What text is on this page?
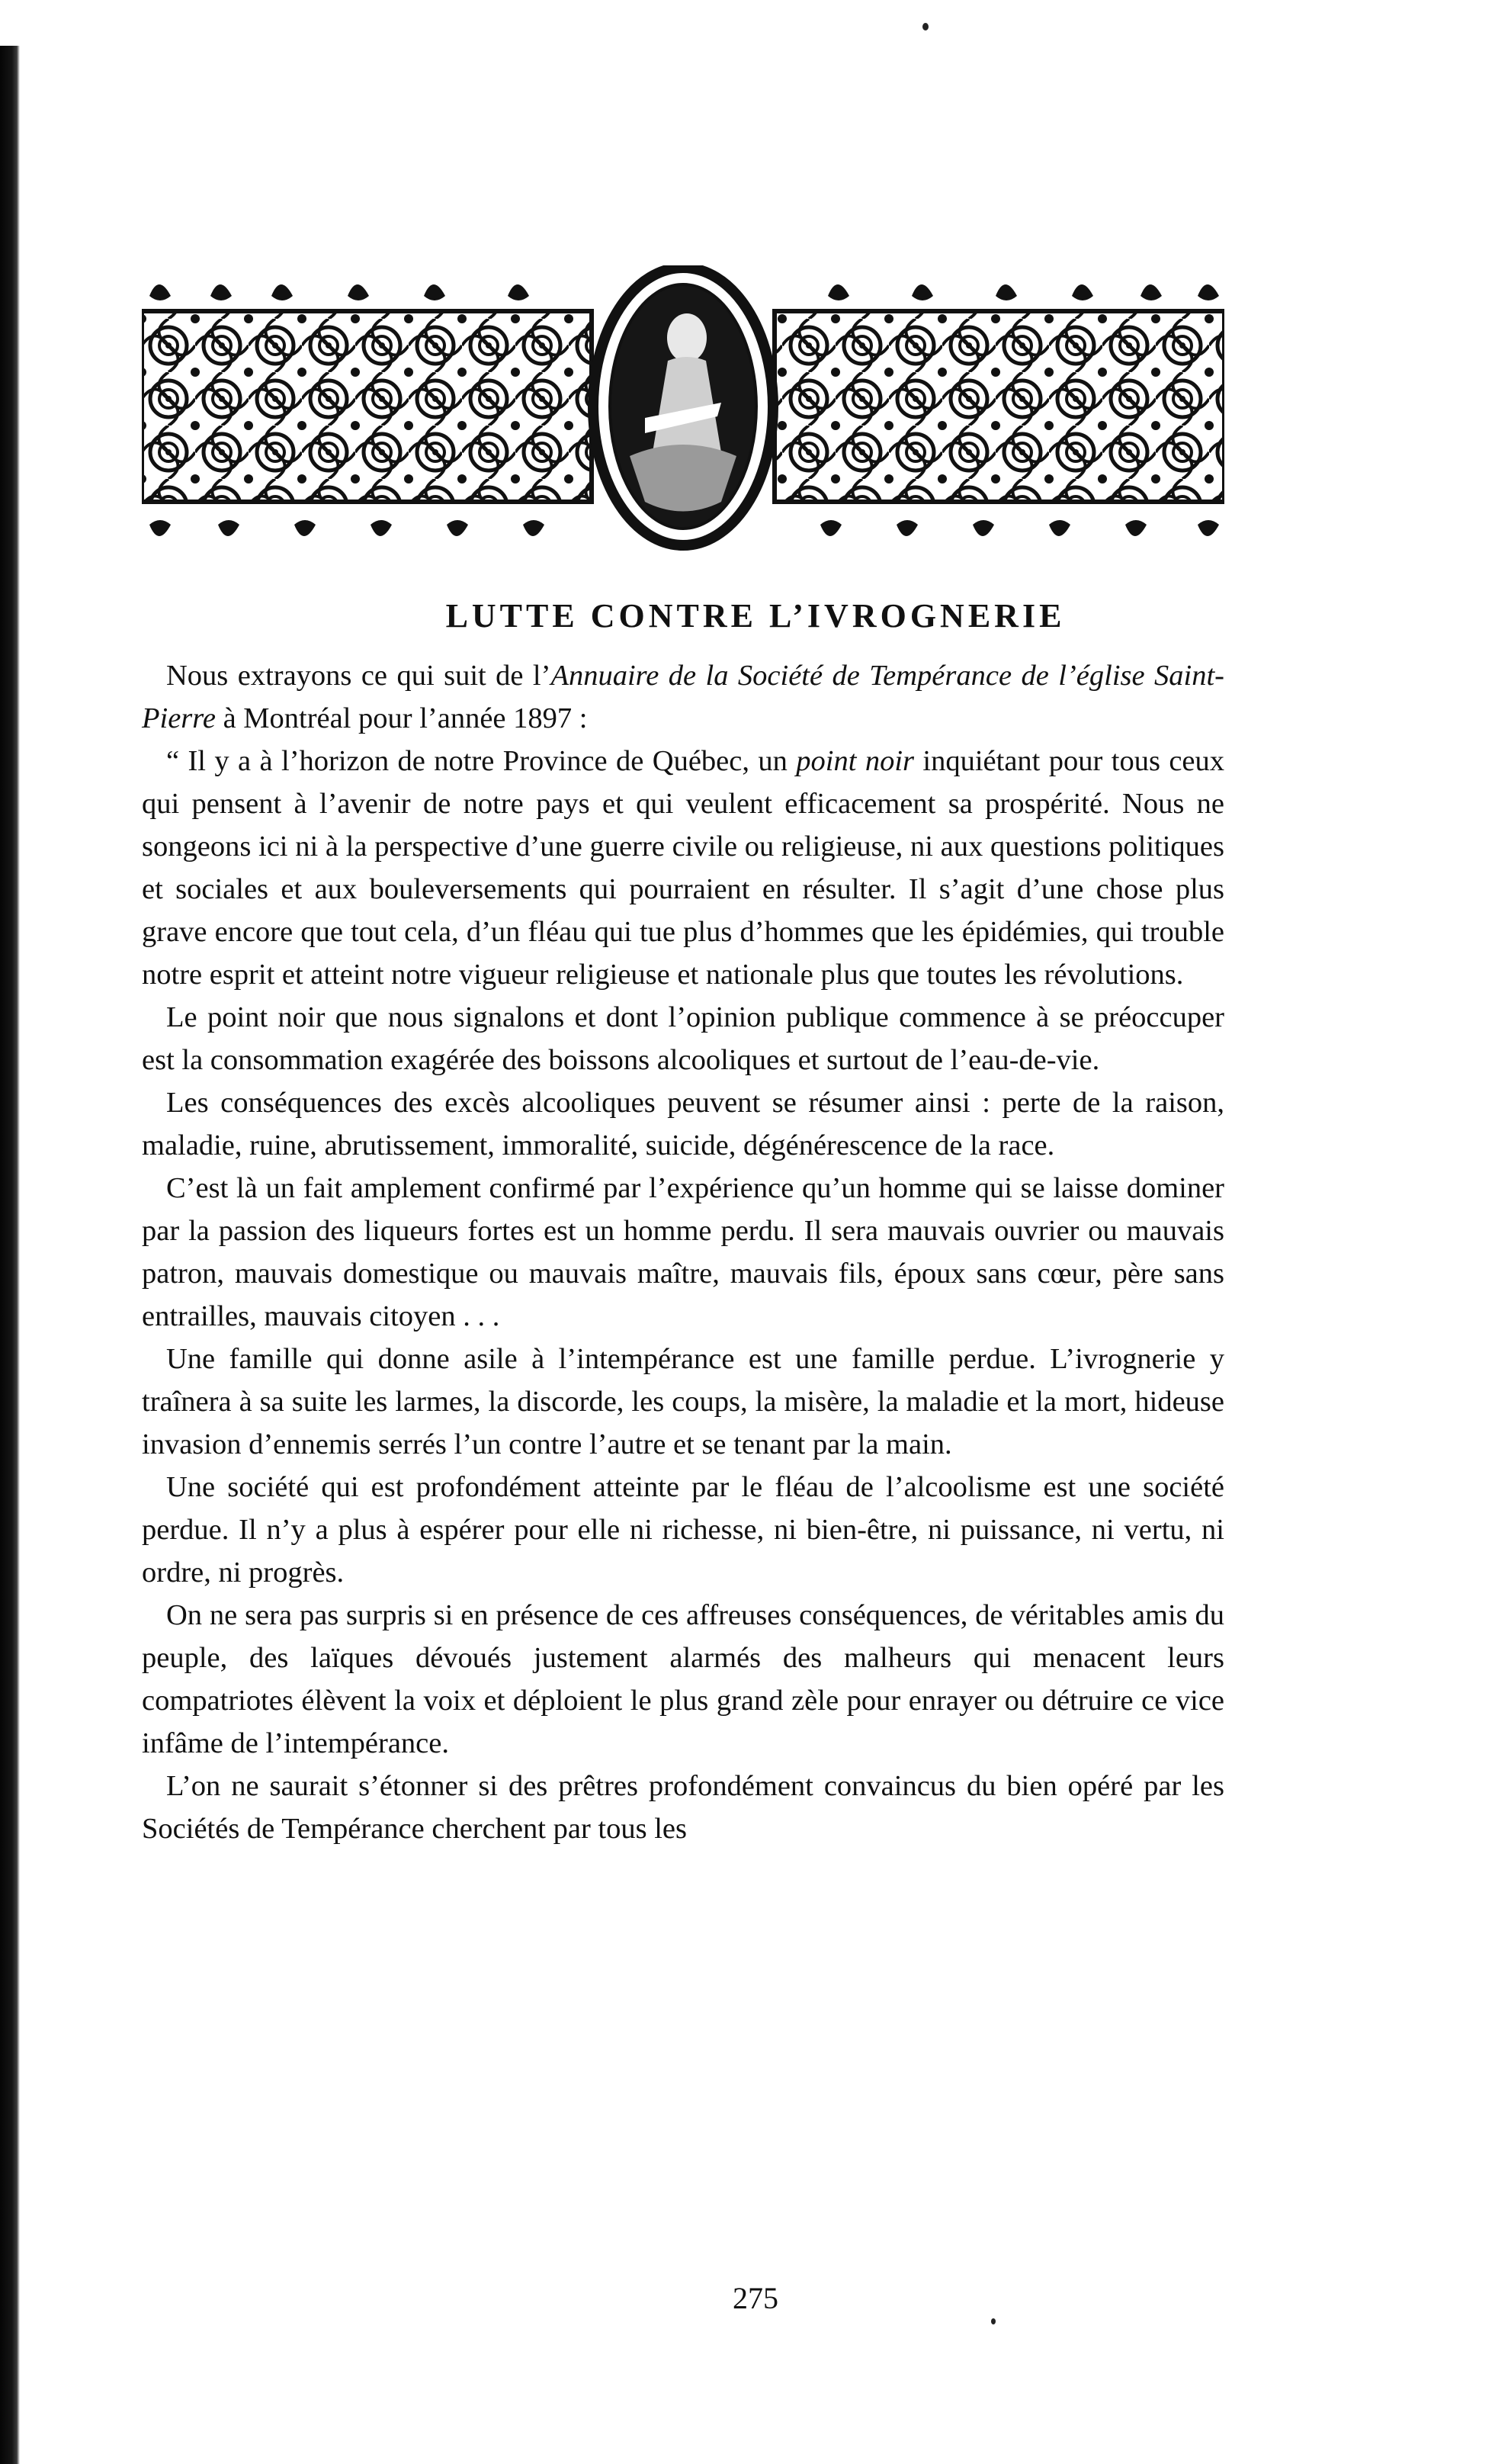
LUTTE CONTRE L’IVROGNERIE

Nous extrayons ce qui suit de l’Annuaire de la Société de Tempérance de l’église Saint-Pierre à Montréal pour l’année 1897 :

“ Il y a à l’horizon de notre Province de Québec, un point noir inquiétant pour tous ceux qui pensent à l’avenir de notre pays et qui veulent efficacement sa prospérité. Nous ne songeons ici ni à la perspective d’une guerre civile ou religieuse, ni aux questions politiques et sociales et aux bouleversements qui pourraient en résulter. Il s’agit d’une chose plus grave encore que tout cela, d’un fléau qui tue plus d’hommes que les épidémies, qui trouble notre esprit et atteint notre vigueur religieuse et nationale plus que toutes les révolutions.

Le point noir que nous signalons et dont l’opinion publique commence à se préoccuper est la consommation exagérée des boissons alcooliques et surtout de l’eau-de-vie.

Les conséquences des excès alcooliques peuvent se résumer ainsi : perte de la raison, maladie, ruine, abrutissement, immoralité, suicide, dégénérescence de la race.

C’est là un fait amplement confirmé par l’expérience qu’un homme qui se laisse dominer par la passion des liqueurs fortes est un homme perdu. Il sera mauvais ouvrier ou mauvais patron, mauvais domestique ou mauvais maître, mauvais fils, époux sans cœur, père sans entrailles, mauvais citoyen . . .

Une famille qui donne asile à l’intempérance est une famille perdue. L’ivrognerie y traînera à sa suite les larmes, la discorde, les coups, la misère, la maladie et la mort, hideuse invasion d’ennemis serrés l’un contre l’autre et se tenant par la main.

Une société qui est profondément atteinte par le fléau de l’alcoolisme est une société perdue. Il n’y a plus à espérer pour elle ni richesse, ni bien-être, ni puissance, ni vertu, ni ordre, ni progrès.

On ne sera pas surpris si en présence de ces affreuses conséquences, de véritables amis du peuple, des laïques dévoués justement alarmés des malheurs qui menacent leurs compatriotes élèvent la voix et déploient le plus grand zèle pour enrayer ou détruire ce vice infâme de l’intempérance.

L’on ne saurait s’étonner si des prêtres profondément convaincus du bien opéré par les Sociétés de Tempérance cherchent par tous les

275
